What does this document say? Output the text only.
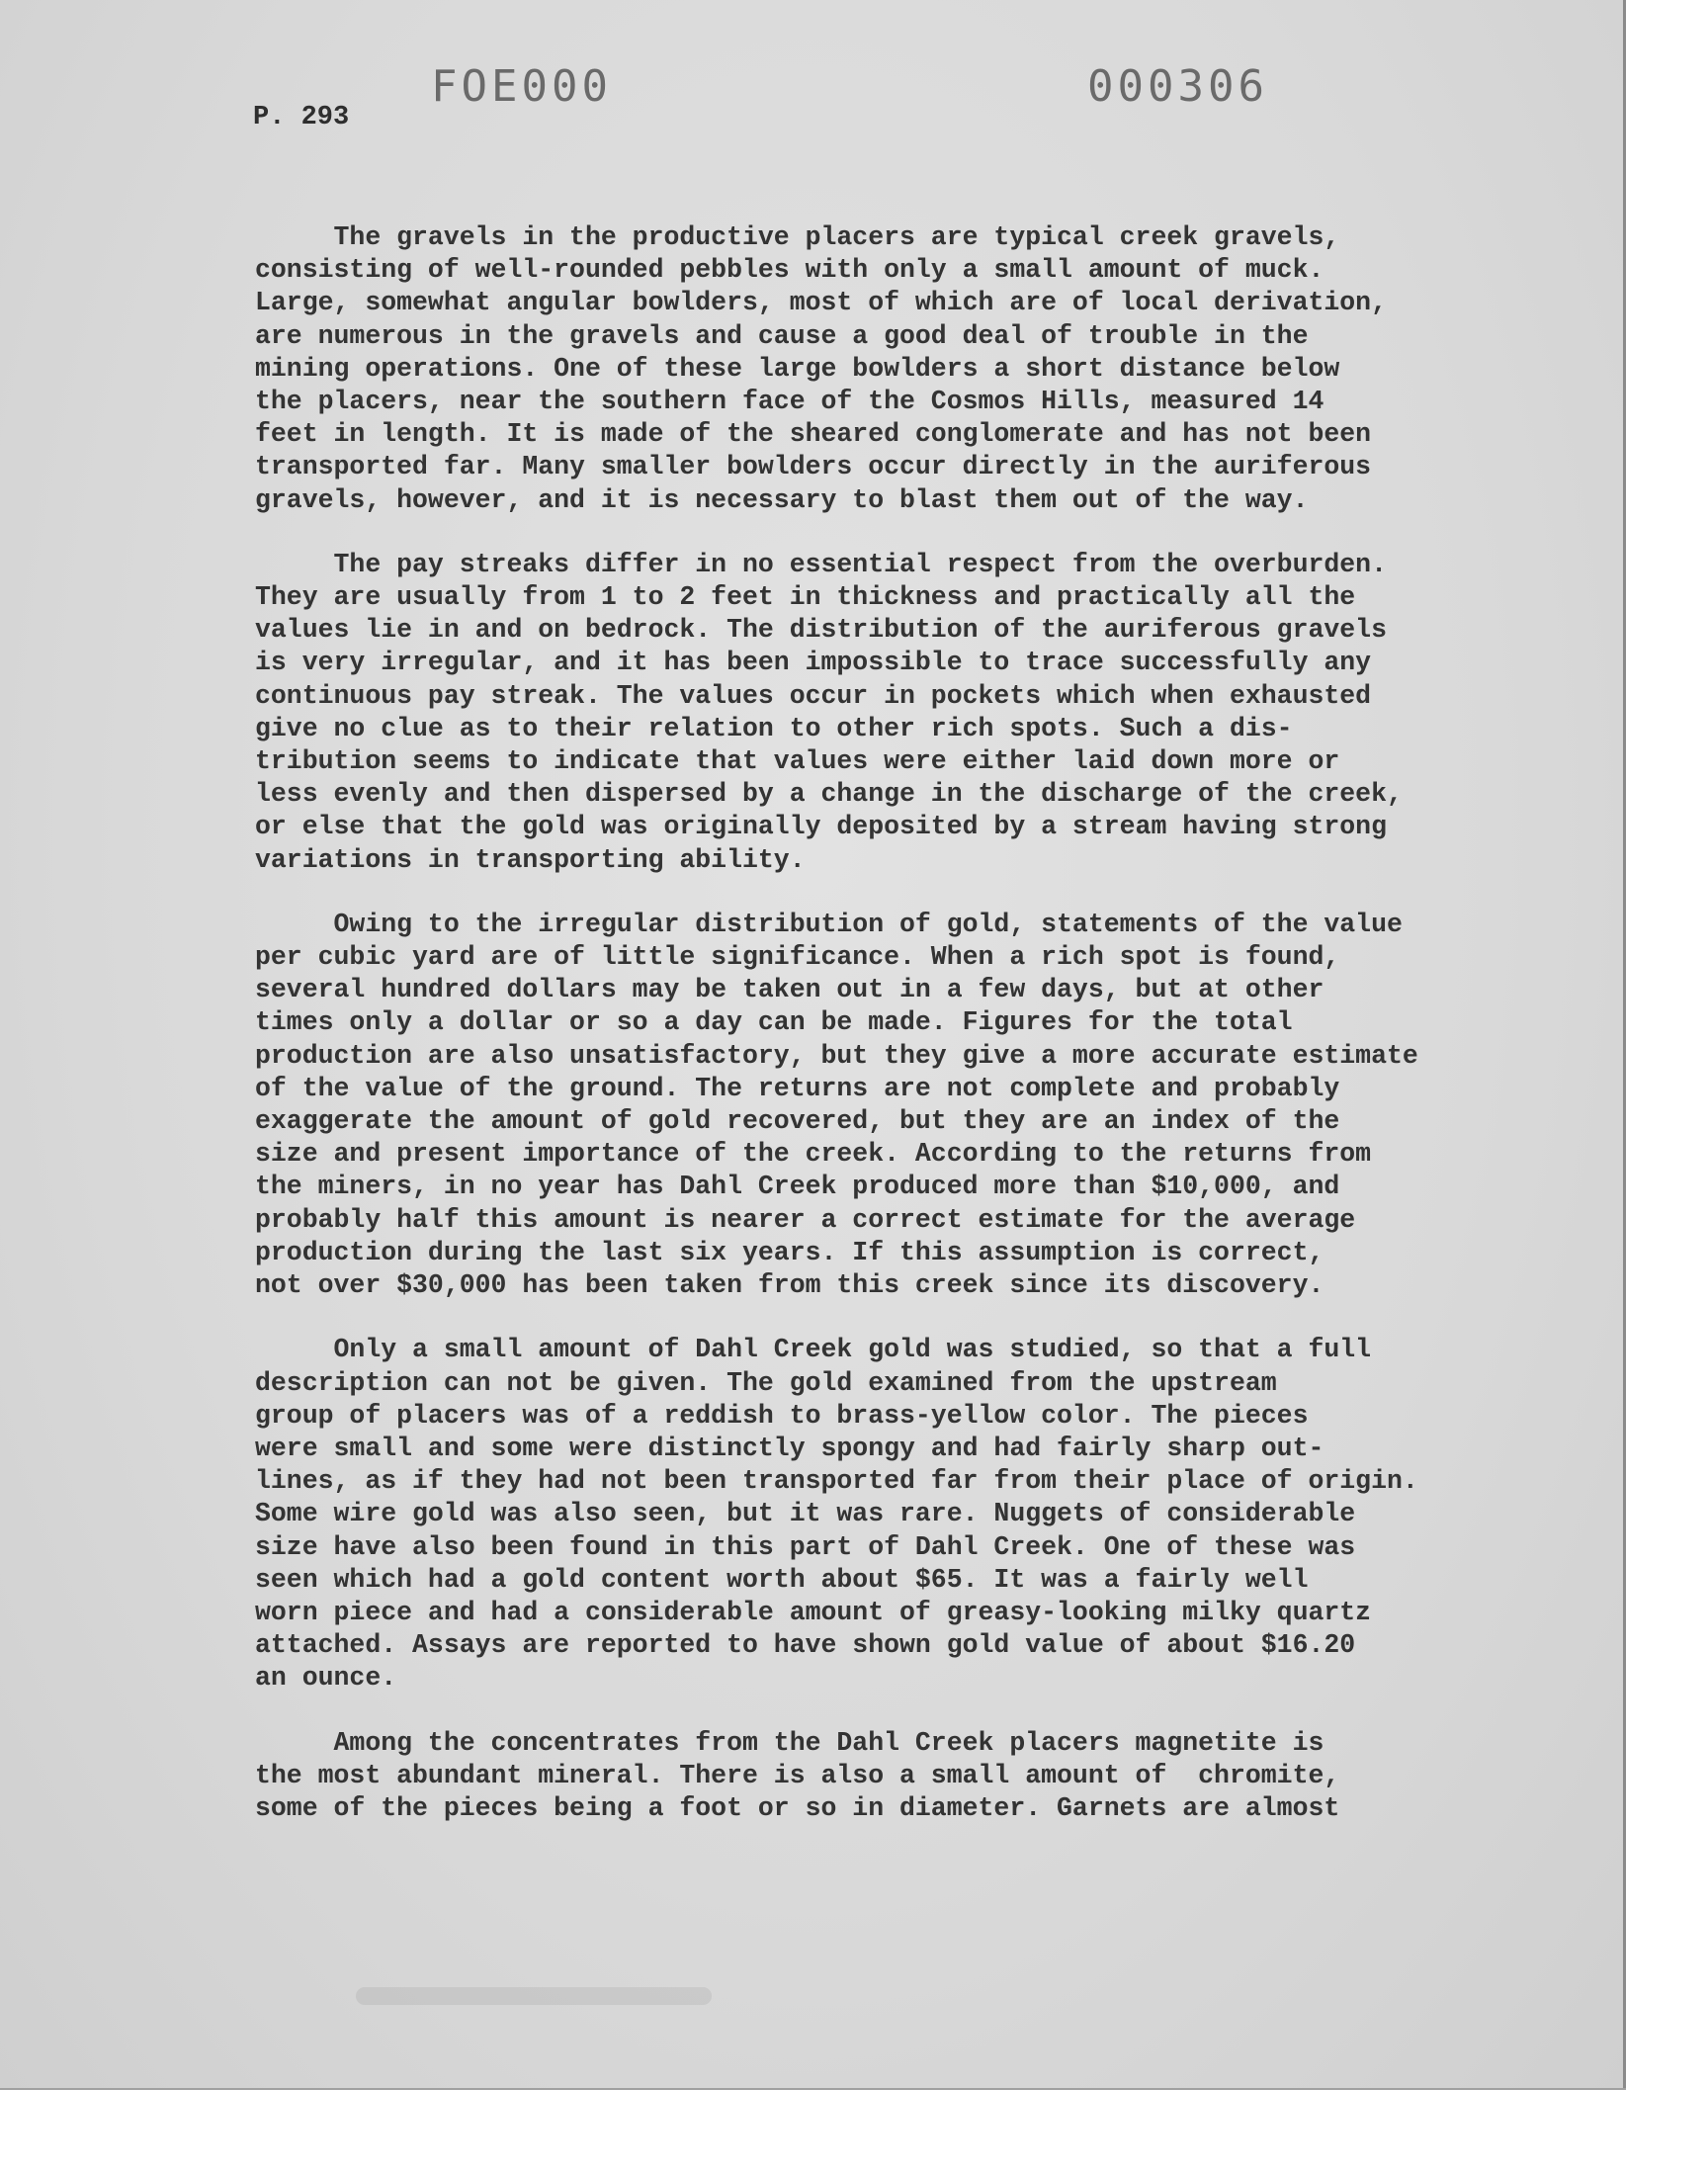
FOE000	000306
P. 293
The gravels in the productive placers are typical creek gravels,
consisting of well-rounded pebbles with only a small amount of muck.
Large, somewhat angular bowlders, most of which are of local derivation,
are numerous in the gravels and cause a good deal of trouble in the
mining operations. One of these large bowlders a short distance below
the placers, near the southern face of the Cosmos Hills, measured 14
feet in length. It is made of the sheared conglomerate and has not been
transported far. Many smaller bowlders occur directly in the auriferous
gravels, however, and it is necessary to blast them out of the way.
The pay streaks differ in no essential respect from the overburden.
They are usually from 1 to 2 feet in thickness and practically all the
values lie in and on bedrock. The distribution of the auriferous gravels
is very irregular, and it has been impossible to trace successfully any
continuous pay streak. The values occur in pockets which when exhausted
give no clue as to their relation to other rich spots. Such a dis-
tribution seems to indicate that values were either laid down more or
less evenly and then dispersed by a change in the discharge of the creek,
or else that the gold was originally deposited by a stream having strong
variations in transporting ability.
Owing to the irregular distribution of gold, statements of the value
per cubic yard are of little significance. When a rich spot is found,
several hundred dollars may be taken out in a few days, but at other
times only a dollar or so a day can be made. Figures for the total
production are also unsatisfactory, but they give a more accurate estimate
of the value of the ground. The returns are not complete and probably
exaggerate the amount of gold recovered, but they are an index of the
size and present importance of the creek. According to the returns from
the miners, in no year has Dahl Creek produced more than $10,000, and
probably half this amount is nearer a correct estimate for the average
production during the last six years. If this assumption is correct,
not over $30,000 has been taken from this creek since its discovery.
Only a small amount of Dahl Creek gold was studied, so that a full
description can not be given. The gold examined from the upstream
group of placers was of a reddish to brass-yellow color. The pieces
were small and some were distinctly spongy and had fairly sharp out-
lines, as if they had not been transported far from their place of origin.
Some wire gold was also seen, but it was rare. Nuggets of considerable
size have also been found in this part of Dahl Creek. One of these was
seen which had a gold content worth about $65. It was a fairly well
worn piece and had a considerable amount of greasy-looking milky quartz
attached. Assays are reported to have shown gold value of about $16.20
an ounce.
Among the concentrates from the Dahl Creek placers magnetite is
the most abundant mineral. There is also a small amount of  chromite,
some of the pieces being a foot or so in diameter. Garnets are almost
